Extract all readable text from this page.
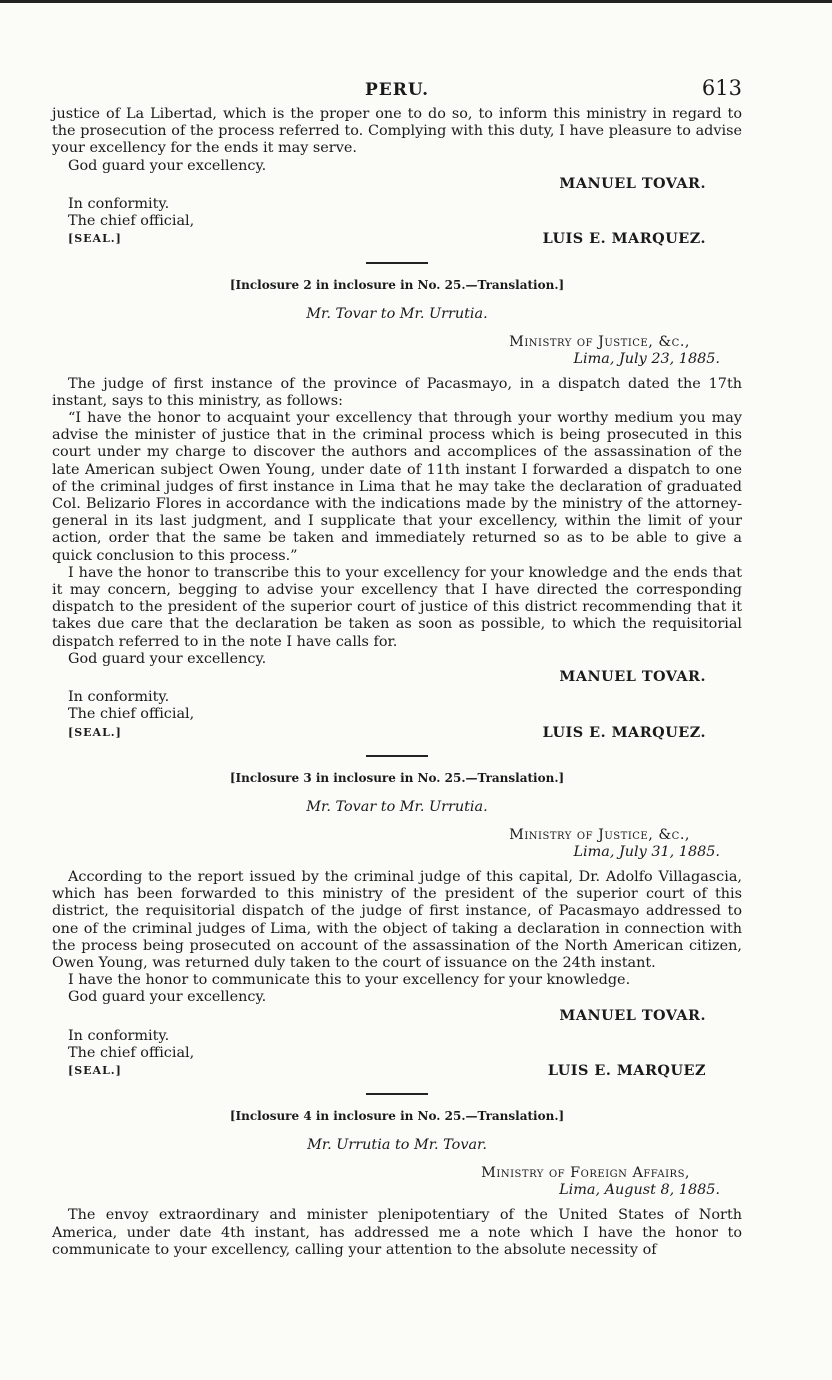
PERU.	613

justice of La Libertad, which is the proper one to do so, to inform this ministry in regard to the prosecution of the process referred to. Complying with this duty, I have pleasure to advise your excellency for the ends it may serve.

God guard your excellency.
MANUEL TOVAR.
In conformity.
The chief official,
[SEAL.]	LUIS E. MARQUEZ.
[Inclosure 2 in inclosure in No. 25.—Translation.]
Mr. Tovar to Mr. Urrutia.
Ministry of Justice, &c.,
Lima, July 23, 1885.

The judge of first instance of the province of Pacasmayo, in a dispatch dated the 17th instant, says to this ministry, as follows:

“I have the honor to acquaint your excellency that through your worthy medium you may advise the minister of justice that in the criminal process which is being prosecuted in this court under my charge to discover the authors and accomplices of the assassination of the late American subject Owen Young, under date of 11th instant I forwarded a dispatch to one of the criminal judges of first instance in Lima that he may take the declaration of graduated Col. Belizario Flores in accordance with the indications made by the ministry of the attorney-general in its last judgment, and I supplicate that your excellency, within the limit of your action, order that the same be taken and immediately returned so as to be able to give a quick conclusion to this process.”

I have the honor to transcribe this to your excellency for your knowledge and the ends that it may concern, begging to advise your excellency that I have directed the corresponding dispatch to the president of the superior court of justice of this district recommending that it takes due care that the declaration be taken as soon as possible, to which the requisitorial dispatch referred to in the note I have calls for.

God guard your excellency.
MANUEL TOVAR.
In conformity.
The chief official,
[SEAL.]	LUIS E. MARQUEZ.
[Inclosure 3 in inclosure in No. 25.—Translation.]
Mr. Tovar to Mr. Urrutia.
Ministry of Justice, &c.,
Lima, July 31, 1885.

According to the report issued by the criminal judge of this capital, Dr. Adolfo Villagascia, which has been forwarded to this ministry of the president of the superior court of this district, the requisitorial dispatch of the judge of first instance, of Pacasmayo addressed to one of the criminal judges of Lima, with the object of taking a declaration in connection with the process being prosecuted on account of the assassination of the North American citizen, Owen Young, was returned duly taken to the court of issuance on the 24th instant.

I have the honor to communicate this to your excellency for your knowledge.

God guard your excellency.
MANUEL TOVAR.
In conformity.
The chief official,
[SEAL.]	LUIS E. MARQUEZ
[Inclosure 4 in inclosure in No. 25.—Translation.]
Mr. Urrutia to Mr. Tovar.
Ministry of Foreign Affairs,
Lima, August 8, 1885.

The envoy extraordinary and minister plenipotentiary of the United States of North America, under date 4th instant, has addressed me a note which I have the honor to communicate to your excellency, calling your attention to the absolute necessity of
